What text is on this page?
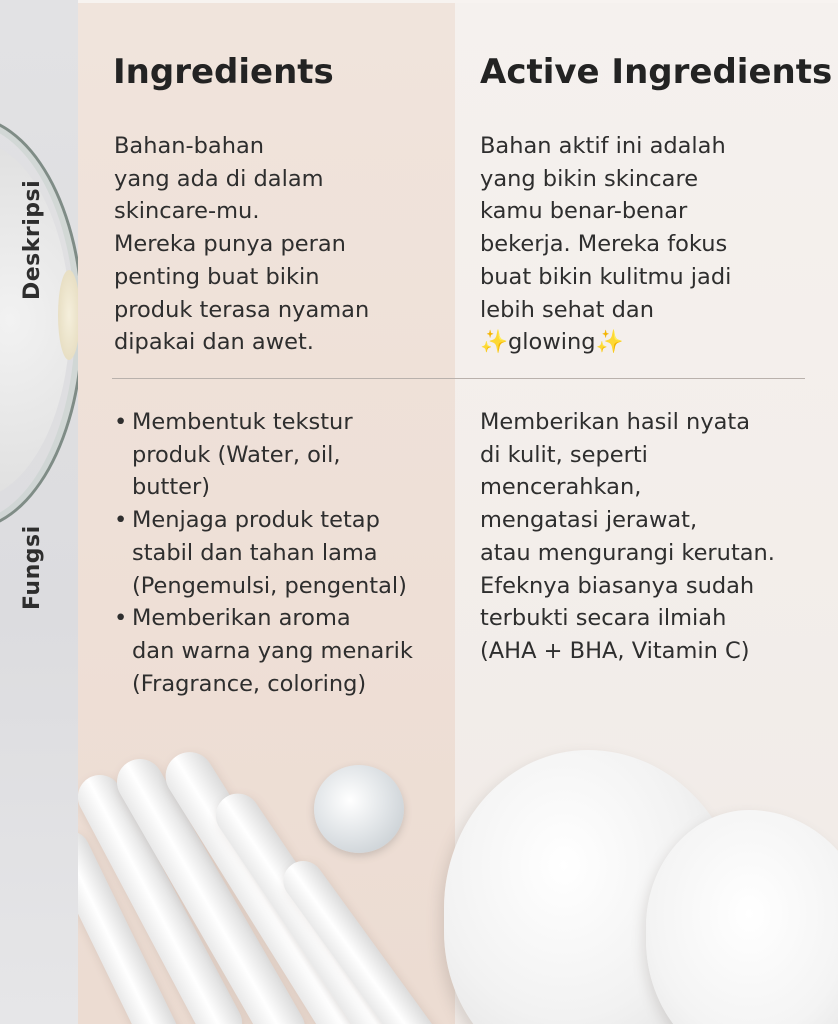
Deskripsi
Fungsi
Ingredients	Active Ingredients
Bahan-bahan
yang ada di dalam
skincare-mu.
Mereka punya peran
penting buat bikin
produk terasa nyaman
dipakai dan awet.
Bahan aktif ini adalah
yang bikin skincare
kamu benar-benar
bekerja. Mereka fokus
buat bikin kulitmu jadi
lebih sehat dan
✨glowing✨
• Membentuk tekstur
produk (Water, oil,
butter)
• Menjaga produk tetap
stabil dan tahan lama
(Pengemulsi, pengental)
• Memberikan aroma
dan warna yang menarik
(Fragrance, coloring)
Memberikan hasil nyata
di kulit, seperti
mencerahkan,
mengatasi jerawat,
atau mengurangi kerutan.
Efeknya biasanya sudah
terbukti secara ilmiah
(AHA + BHA, Vitamin C)
